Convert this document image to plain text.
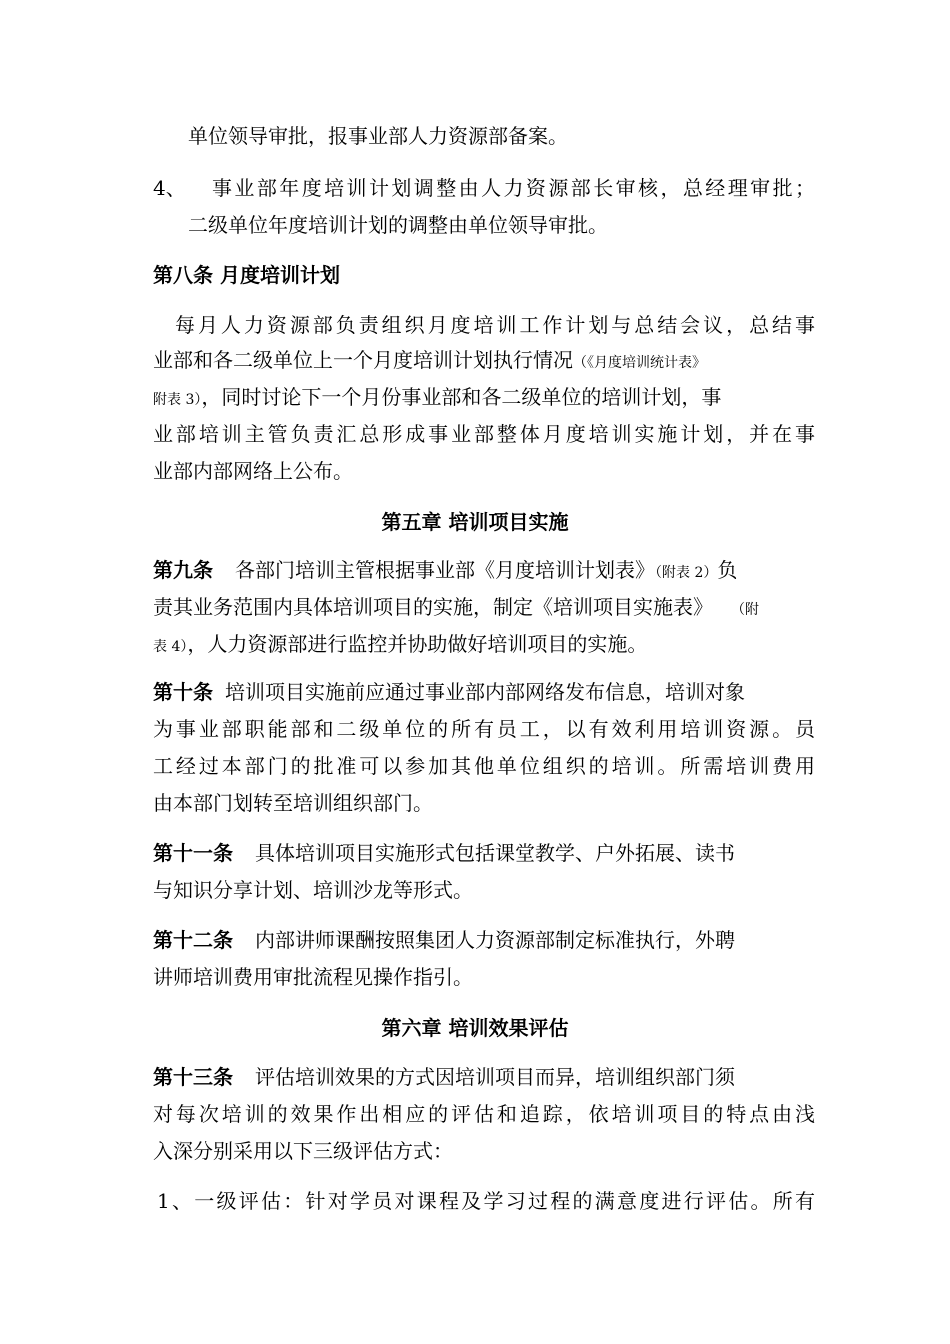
单位领导审批，报事业部人力资源部备案。

4、 事业部年度培训计划调整由人力资源部长审核，总经理审批；

二级单位年度培训计划的调整由单位领导审批。

第八条 月度培训计划

每月人力资源部负责组织月度培训工作计划与总结会议，总结事

业部和各二级单位上一个月度培训计划执行情况（《月度培训统计表》

附表 3），同时讨论下一个月份事业部和各二级单位的培训计划，事

业部培训主管负责汇总形成事业部整体月度培训实施计划，并在事

业部内部网络上公布。

第五章 培训项目实施

第九条 各部门培训主管根据事业部《月度培训计划表》（附表 2）负

责其业务范围内具体培训项目的实施，制定《培训项目实施表》 （附

表 4），人力资源部进行监控并协助做好培训项目的实施。

第十条 培训项目实施前应通过事业部内部网络发布信息，培训对象

为事业部职能部和二级单位的所有员工，以有效利用培训资源。员

工经过本部门的批准可以参加其他单位组织的培训。所需培训费用

由本部门划转至培训组织部门。

第十一条 具体培训项目实施形式包括课堂教学、户外拓展、读书

与知识分享计划、培训沙龙等形式。

第十二条 内部讲师课酬按照集团人力资源部制定标准执行，外聘

讲师培训费用审批流程见操作指引。

第六章 培训效果评估

第十三条 评估培训效果的方式因培训项目而异，培训组织部门须

对每次培训的效果作出相应的评估和追踪，依培训项目的特点由浅

入深分别采用以下三级评估方式：

1、一级评估：针对学员对课程及学习过程的满意度进行评估。所有
